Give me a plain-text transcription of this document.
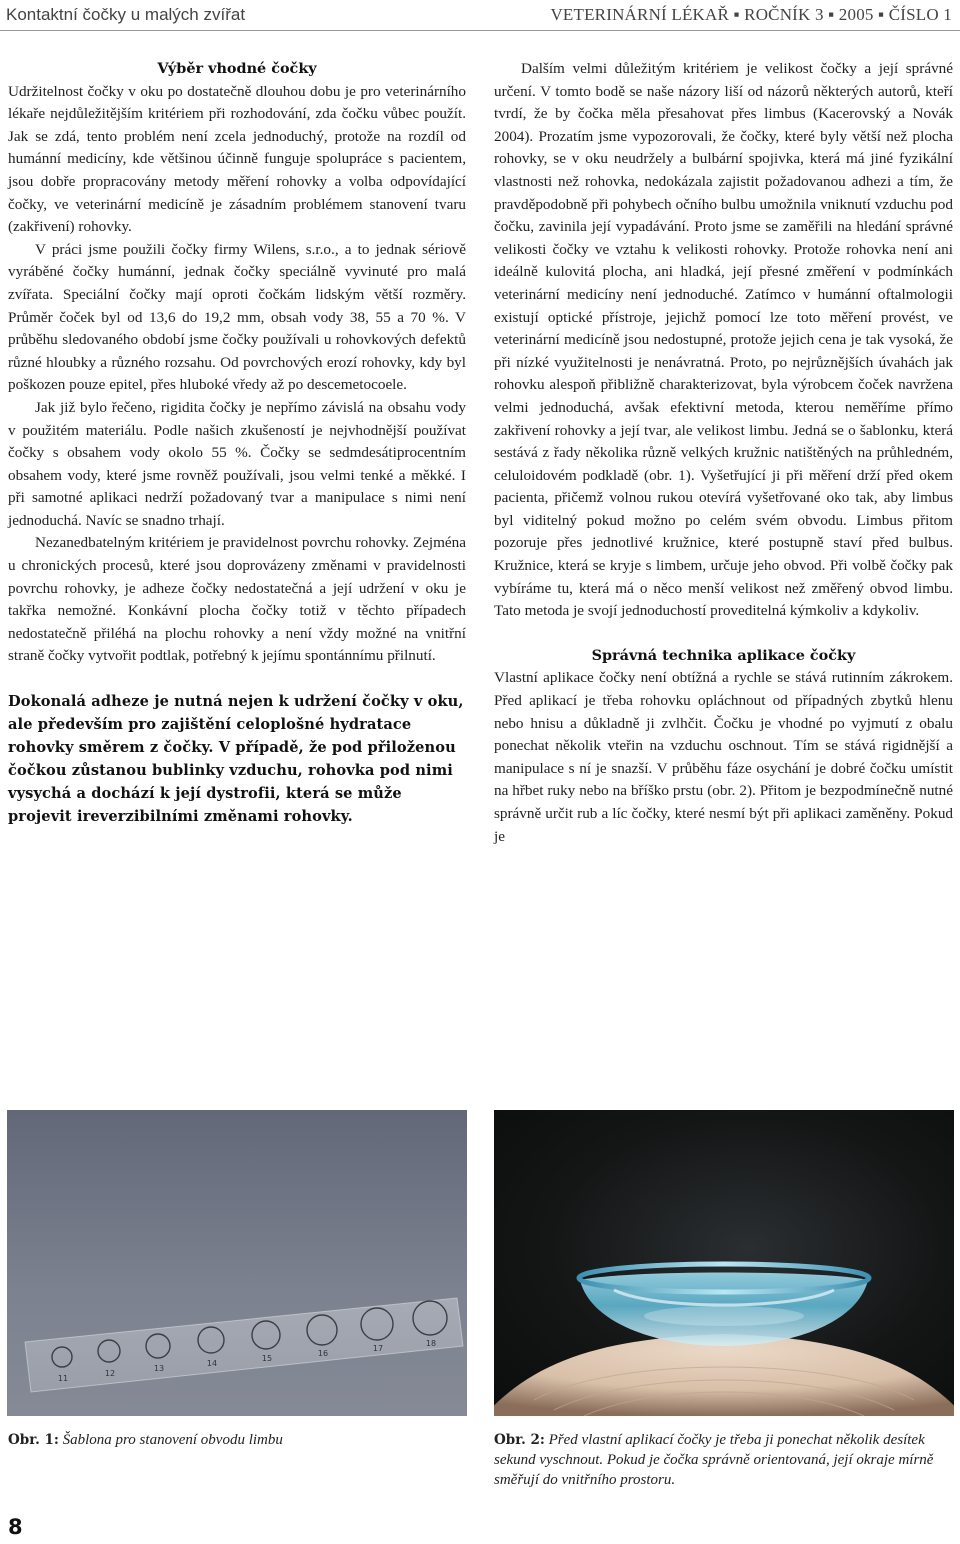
Kontaktní čočky u malých zvířat	VETERINÁRNÍ LÉKAŘ ▪ ROČNÍK 3 ▪ 2005 ▪ ČÍSLO 1
Výběr vhodné čočky

Udržitelnost čočky v oku po dostatečně dlouhou dobu je pro veterinárního lékaře nejdůležitějším kritériem při rozhodování, zda čočku vůbec použít. Jak se zdá, tento problém není zcela jednoduchý, protože na rozdíl od humánní medicíny, kde většinou účinně funguje spolupráce s pacientem, jsou dobře propracovány metody měření rohovky a volba odpovídající čočky, ve veterinární medicíně je zásadním problémem stanovení tvaru (zakřivení) rohovky.

V práci jsme použili čočky firmy Wilens, s.r.o., a to jednak sériově vyráběné čočky humánní, jednak čočky speciálně vyvinuté pro malá zvířata. Speciální čočky mají oproti čočkám lidským větší rozměry. Průměr čoček byl od 13,6 do 19,2 mm, obsah vody 38, 55 a 70 %. V průběhu sledovaného období jsme čočky používali u rohovkových defektů různé hloubky a různého rozsahu. Od povrchových erozí rohovky, kdy byl poškozen pouze epitel, přes hluboké vředy až po descemetocoele.

Jak již bylo řečeno, rigidita čočky je nepřímo závislá na obsahu vody v použitém materiálu. Podle našich zkušeností je nejvhodnější používat čočky s obsahem vody okolo 55 %. Čočky se sedmdesátiprocentním obsahem vody, které jsme rovněž používali, jsou velmi tenké a měkké. I při samotné aplikaci nedrží požadovaný tvar a manipulace s nimi není jednoduchá. Navíc se snadno trhají.

Nezanedbatelným kritériem je pravidelnost povrchu rohovky. Zejména u chronických procesů, které jsou doprovázeny změnami v pravidelnosti povrchu rohovky, je adheze čočky nedostatečná a její udržení v oku je takřka nemožné. Konkávní plocha čočky totiž v těchto případech nedostatečně přiléhá na plochu rohovky a není vždy možné na vnitřní straně čočky vytvořit podtlak, potřebný k jejímu spontánnímu přilnutí.

Dokonalá adheze je nutná nejen k udržení čočky v oku, ale především pro zajištění celoplošné hydratace rohovky směrem z čočky. V případě, že pod přiloženou čočkou zůstanou bublinky vzduchu, rohovka pod nimi vysychá a dochází k její dystrofii, která se může projevit ireverzibilními změnami rohovky.

Dalším velmi důležitým kritériem je velikost čočky a její správné určení. V tomto bodě se naše názory liší od názorů některých autorů, kteří tvrdí, že by čočka měla přesahovat přes limbus (Kacerovský a Novák 2004). Prozatím jsme vypozorovali, že čočky, které byly větší než plocha rohovky, se v oku neudržely a bulbární spojivka, která má jiné fyzikální vlastnosti než rohovka, nedokázala zajistit požadovanou adhezi a tím, že pravděpodobně při pohybech očního bulbu umožnila vniknutí vzduchu pod čočku, zavinila její vypadávání. Proto jsme se zaměřili na hledání správné velikosti čočky ve vztahu k velikosti rohovky. Protože rohovka není ani ideálně kulovitá plocha, ani hladká, její přesné změření v podmínkách veterinární medicíny není jednoduché. Zatímco v humánní oftalmologii existují optické přístroje, jejichž pomocí lze toto měření provést, ve veterinární medicíně jsou nedostupné, protože jejich cena je tak vysoká, že při nízké využitelnosti je nenávratná. Proto, po nejrůznějších úvahách jak rohovku alespoň přibližně charakterizovat, byla výrobcem čoček navržena velmi jednoduchá, avšak efektivní metoda, kterou neměříme přímo zakřivení rohovky a její tvar, ale velikost limbu. Jedná se o šablonku, která sestává z řady několika různě velkých kružnic natištěných na průhledném, celuloidovém podkladě (obr. 1). Vyšetřující ji při měření drží před okem pacienta, přičemž volnou rukou otevírá vyšetřované oko tak, aby limbus byl viditelný pokud možno po celém svém obvodu. Limbus přitom pozoruje přes jednotlivé kružnice, které postupně staví před bulbus. Kružnice, která se kryje s limbem, určuje jeho obvod. Při volbě čočky pak vybíráme tu, která má o něco menší velikost než změřený obvod limbu. Tato metoda je svojí jednoduchostí proveditelná kýmkoliv a kdykoliv.

Správná technika aplikace čočky

Vlastní aplikace čočky není obtížná a rychle se stává rutinním zákrokem. Před aplikací je třeba rohovku opláchnout od případných zbytků hlenu nebo hnisu a důkladně ji zvlhčit. Čočku je vhodné po vyjmutí z obalu ponechat několik vteřin na vzduchu oschnout. Tím se stává rigidnější a manipulace s ní je snazší. V průběhu fáze osychání je dobré čočku umístit na hřbet ruky nebo na bříško prstu (obr. 2). Přitom je bezpodmínečně nutné správně určit rub a líc čočky, které nesmí být při aplikaci zaměněny. Pokud je

11
12
13
14
15
16
17
18
Obr. 1: Šablona pro stanovení obvodu limbu	Obr. 2: Před vlastní aplikací čočky je třeba ji ponechat několik desítek sekund vyschnout. Pokud je čočka správně orientovaná, její okraje mírně směřují do vnitřního prostoru.
8
